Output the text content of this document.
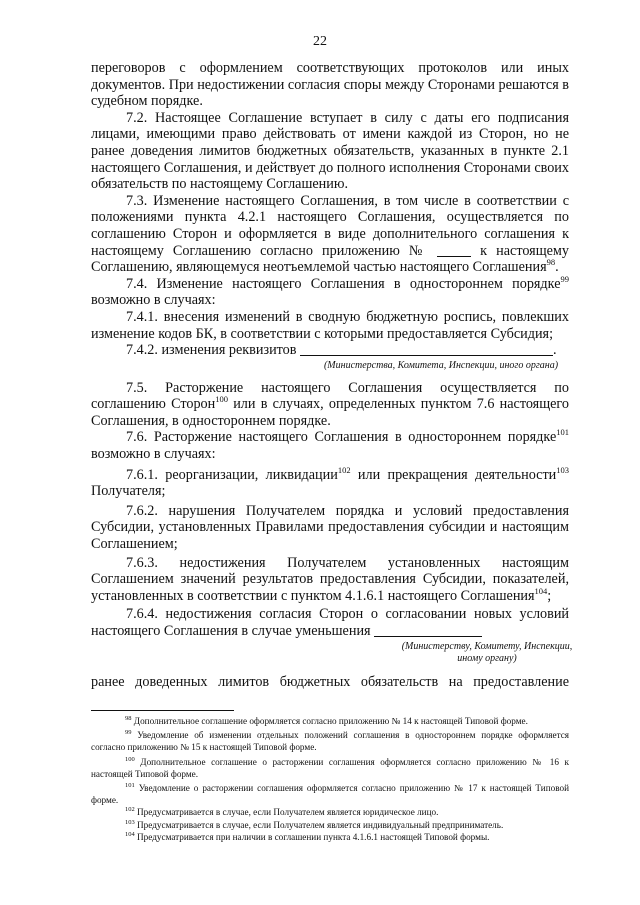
22

переговоров с оформлением соответствующих протоколов или иных документов. При недостижении согласия споры между Сторонами решаются в судебном порядке.

7.2. Настоящее Соглашение вступает в силу с даты его подписания лицами, имеющими право действовать от имени каждой из Сторон, но не ранее доведения лимитов бюджетных обязательств, указанных в пункте 2.1 настоящего Соглашения, и действует до полного исполнения Сторонами своих обязательств по настоящему Соглашению.

7.3. Изменение настоящего Соглашения, в том числе в соответствии с положениями пункта 4.2.1 настоящего Соглашения, осуществляется по соглашению Сторон и оформляется в виде дополнительного соглашения к настоящему Соглашению согласно приложению №	к настоящему Соглашению, являющемуся неотъемлемой частью настоящего Соглашения$^{98}$.

7.4. Изменение настоящего Соглашения в одностороннем порядке$^{99}$ возможно в случаях:

7.4.1. внесения изменений в сводную бюджетную роспись, повлекших изменение кодов БК, в соответствии с которыми предоставляется Субсидия;

7.4.2. изменения реквизитов	.

(Министерства, Комитета, Инспекции, иного органа)

7.5. Расторжение настоящего Соглашения осуществляется по соглашению Сторон$^{100}$ или в случаях, определенных пунктом 7.6 настоящего Соглашения, в одностороннем порядке.

7.6. Расторжение настоящего Соглашения в одностороннем порядке$^{101}$ возможно в случаях:

7.6.1. реорганизации, ликвидации$^{102}$ или прекращения деятельности$^{103}$ Получателя;

7.6.2. нарушения Получателем порядка и условий предоставления Субсидии, установленных Правилами предоставления субсидии и настоящим Соглашением;

7.6.3. недостижения Получателем установленных настоящим Соглашением значений результатов предоставления Субсидии, показателей, установленных в соответствии с пунктом 4.1.6.1 настоящего Соглашения$^{104}$;

7.6.4. недостижения согласия Сторон о согласовании новых условий настоящего Соглашения в случае уменьшения

(Министерству, Комитету, Инспекции, иному органу)

ранее доведенных лимитов бюджетных обязательств на предоставление

$^{98}$ Дополнительное соглашение оформляется согласно приложению № 14 к настоящей Типовой форме.

$^{99}$ Уведомление об изменении отдельных положений соглашения в одностороннем порядке оформляется согласно приложению № 15 к настоящей Типовой форме.

$^{100}$ Дополнительное соглашение о расторжении соглашения оформляется согласно приложению № 16 к настоящей Типовой форме.

$^{101}$ Уведомление о расторжении соглашения оформляется согласно приложению № 17 к настоящей Типовой форме.

$^{102}$ Предусматривается в случае, если Получателем является юридическое лицо.

$^{103}$ Предусматривается в случае, если Получателем является индивидуальный предприниматель.

$^{104}$ Предусматривается при наличии в соглашении пункта 4.1.6.1 настоящей Типовой формы.
